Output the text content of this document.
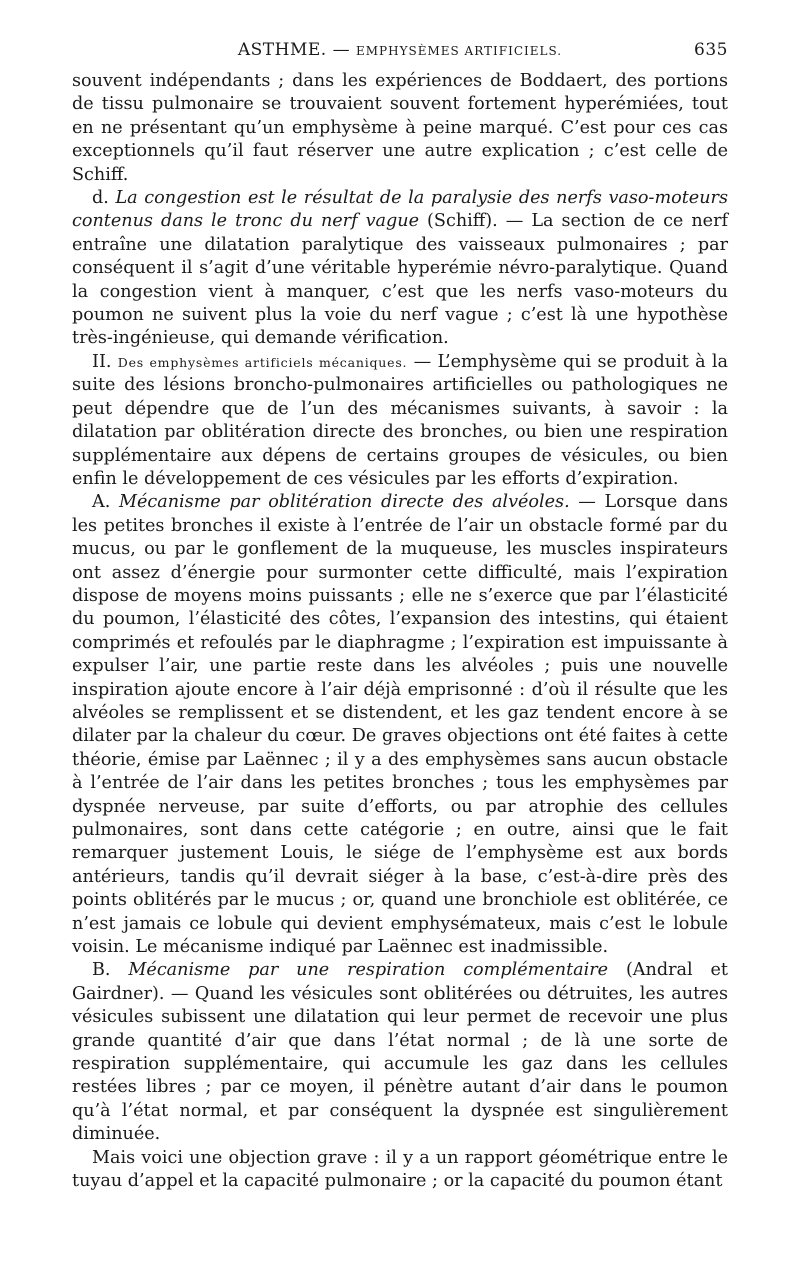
ASTHME. — EMPHYSÈMES ARTIFICIELS.	635

souvent indépendants ; dans les expériences de Boddaert, des portions de tissu pulmonaire se trouvaient souvent fortement hyperémiées, tout en ne présentant qu’un emphysème à peine marqué. C’est pour ces cas exceptionnels qu’il faut réserver une autre explication ; c’est celle de Schiff.

d. La congestion est le résultat de la paralysie des nerfs vaso-moteurs contenus dans le tronc du nerf vague (Schiff). — La section de ce nerf entraîne une dilatation paralytique des vaisseaux pulmonaires ; par conséquent il s’agit d’une véritable hyperémie névro-paralytique. Quand la congestion vient à manquer, c’est que les nerfs vaso-moteurs du poumon ne suivent plus la voie du nerf vague ; c’est là une hypothèse très-ingénieuse, qui demande vérification.

II. Des emphysèmes artificiels mécaniques. — L’emphysème qui se produit à la suite des lésions broncho-pulmonaires artificielles ou pathologiques ne peut dépendre que de l’un des mécanismes suivants, à savoir : la dilatation par oblitération directe des bronches, ou bien une respiration supplémentaire aux dépens de certains groupes de vésicules, ou bien enfin le développement de ces vésicules par les efforts d’expiration.

A. Mécanisme par oblitération directe des alvéoles. — Lorsque dans les petites bronches il existe à l’entrée de l’air un obstacle formé par du mucus, ou par le gonflement de la muqueuse, les muscles inspirateurs ont assez d’énergie pour surmonter cette difficulté, mais l’expiration dispose de moyens moins puissants ; elle ne s’exerce que par l’élasticité du poumon, l’élasticité des côtes, l’expansion des intestins, qui étaient comprimés et refoulés par le diaphragme ; l’expiration est impuissante à expulser l’air, une partie reste dans les alvéoles ; puis une nouvelle inspiration ajoute encore à l’air déjà emprisonné : d’où il résulte que les alvéoles se remplissent et se distendent, et les gaz tendent encore à se dilater par la chaleur du cœur. De graves objections ont été faites à cette théorie, émise par Laënnec ; il y a des emphysèmes sans aucun obstacle à l’entrée de l’air dans les petites bronches ; tous les emphysèmes par dyspnée nerveuse, par suite d’efforts, ou par atrophie des cellules pulmonaires, sont dans cette catégorie ; en outre, ainsi que le fait remarquer justement Louis, le siége de l’emphysème est aux bords antérieurs, tandis qu’il devrait siéger à la base, c’est-à-dire près des points oblitérés par le mucus ; or, quand une bronchiole est oblitérée, ce n’est jamais ce lobule qui devient emphysémateux, mais c’est le lobule voisin. Le mécanisme indiqué par Laënnec est inadmissible.

B. Mécanisme par une respiration complémentaire (Andral et Gairdner). — Quand les vésicules sont oblitérées ou détruites, les autres vésicules subissent une dilatation qui leur permet de recevoir une plus grande quantité d’air que dans l’état normal ; de là une sorte de respiration supplémentaire, qui accumule les gaz dans les cellules restées libres ; par ce moyen, il pénètre autant d’air dans le poumon qu’à l’état normal, et par conséquent la dyspnée est singulièrement diminuée.

Mais voici une objection grave : il y a un rapport géométrique entre le tuyau d’appel et la capacité pulmonaire ; or la capacité du poumon étant
